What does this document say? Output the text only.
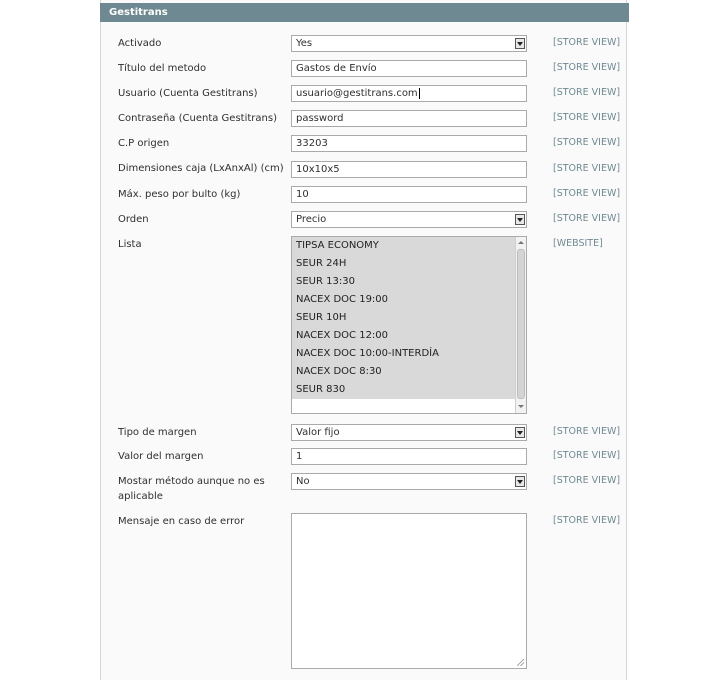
Gestitrans
Activado	Yes	[STORE VIEW]
Título del metodo	Gastos de Envío	[STORE VIEW]
Usuario (Cuenta Gestitrans)	usuario@gestitrans.com	[STORE VIEW]
Contraseña (Cuenta Gestitrans)	password	[STORE VIEW]
C.P origen	33203	[STORE VIEW]
Dimensiones caja (LxAnxAl) (cm)	10x10x5	[STORE VIEW]
Máx. peso por bulto (kg)	10	[STORE VIEW]
Orden	Precio	[STORE VIEW]
Lista	TIPSA ECONOMY
SEUR 24H
SEUR 13:30
NACEX DOC 19:00
SEUR 10H
NACEX DOC 12:00
NACEX DOC 10:00-INTERDÍA
NACEX DOC 8:30
SEUR 830
[WEBSITE]
Tipo de margen	Valor fijo	[STORE VIEW]
Valor del margen	1	[STORE VIEW]
Mostar método aunque no es
aplicable
No	[STORE VIEW]
Mensaje en caso de error	[STORE VIEW]
